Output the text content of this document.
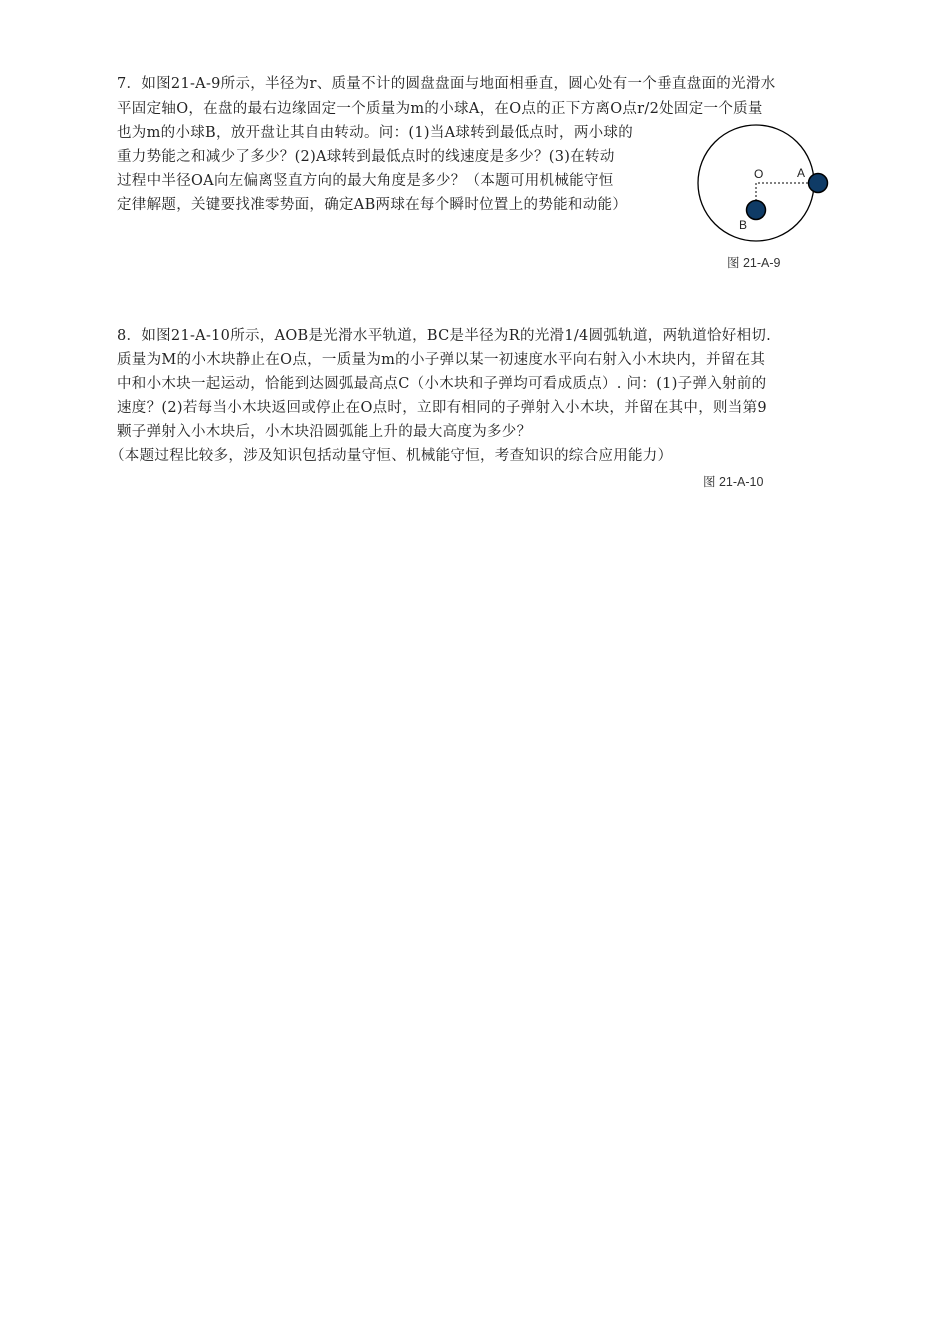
7．如图21-A-9所示，半径为r、质量不计的圆盘盘面与地面相垂直，圆心处有一个垂直盘面的光滑水
平固定轴O，在盘的最右边缘固定一个质量为m的小球A，在O点的正下方离O点r/2处固定一个质量
也为m的小球B，放开盘让其自由转动。问：(1)当A球转到最低点时，两小球的
重力势能之和减少了多少？(2)A球转到最低点时的线速度是多少？(3)在转动
过程中半径OA向左偏离竖直方向的最大角度是多少？（本题可用机械能守恒
定律解题，关键要找准零势面，确定AB两球在每个瞬时位置上的势能和动能）
O	A
B
图 21-A-9
8．如图21-A-10所示，AOB是光滑水平轨道，BC是半径为R的光滑1/4圆弧轨道，两轨道恰好相切.
质量为M的小木块静止在O点，一质量为m的小子弹以某一初速度水平向右射入小木块内，并留在其
中和小木块一起运动，恰能到达圆弧最高点C（小木块和子弹均可看成质点）. 问：(1)子弹入射前的
速度？(2)若每当小木块返回或停止在O点时，立即有相同的子弹射入小木块，并留在其中，则当第9
颗子弹射入小木块后，小木块沿圆弧能上升的最大高度为多少？
（本题过程比较多，涉及知识包括动量守恒、机械能守恒，考查知识的综合应用能力）
图 21-A-10
